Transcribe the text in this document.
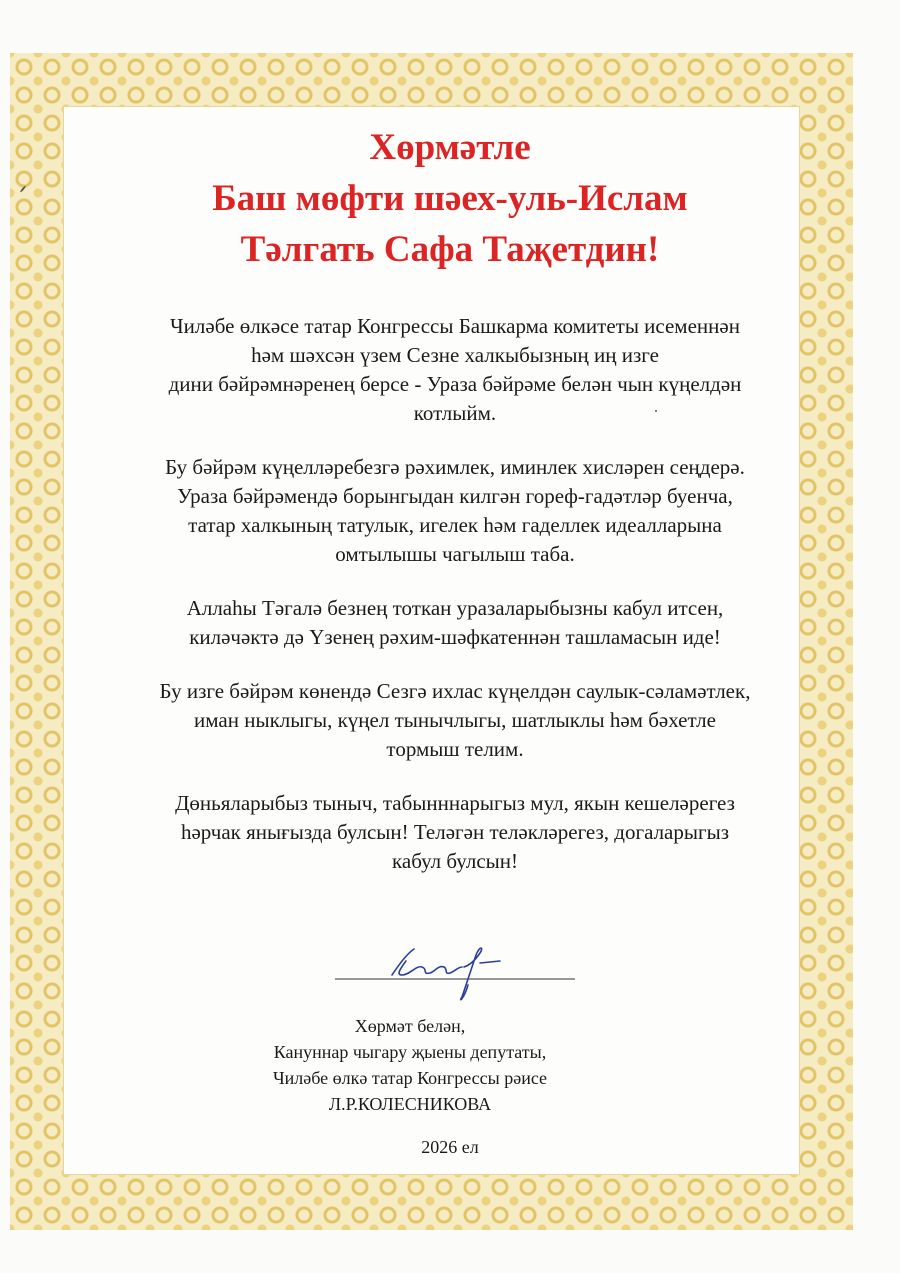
Хөрмәтле
Баш мөфти шәех-уль-Ислам
Тәлгать Сафа Таҗетдин!

Чиләбе өлкәсе татар Конгрессы Башкарма комитеты исеменнән
һәм шәхсән үзем Сезне халкыбызның иң изге
дини бәйрәмнәренең берсе - Ураза бәйрәме белән чын күңелдән
котлыйм.

Бу бәйрәм күңелләребезгә рәхимлек, иминлек хисләрен сеңдерә.
Ураза бәйрәмендә борынгыдан килгән гореф-гадәтләр буенча,
татар халкының татулык, игелек һәм гаделлек идеалларына
омтылышы чагылыш таба.

Аллаһы Тәгалә безнең тоткан уразаларыбызны кабул итсен,
киләчәктә дә Үзенең рәхим-шәфкатеннән ташламасын иде!

Бу изге бәйрәм көнендә Сезгә ихлас күңелдән саулык-сәламәтлек,
иман ныклыгы, күңел тынычлыгы, шатлыклы һәм бәхетле
тормыш телим.

Дөньяларыбыз тыныч, табынннарыгыз мул, якын кешеләрегез
һәрчак янығызда булсын! Теләгән теләкләрегез, догаларыгыз
кабул булсын!

Хөрмәт белән,
Кануннар чыгару җыены депутаты,
Чиләбе өлкә татар Конгрессы рәисе

Л.Р.КОЛЕСНИКОВА
2026 ел
